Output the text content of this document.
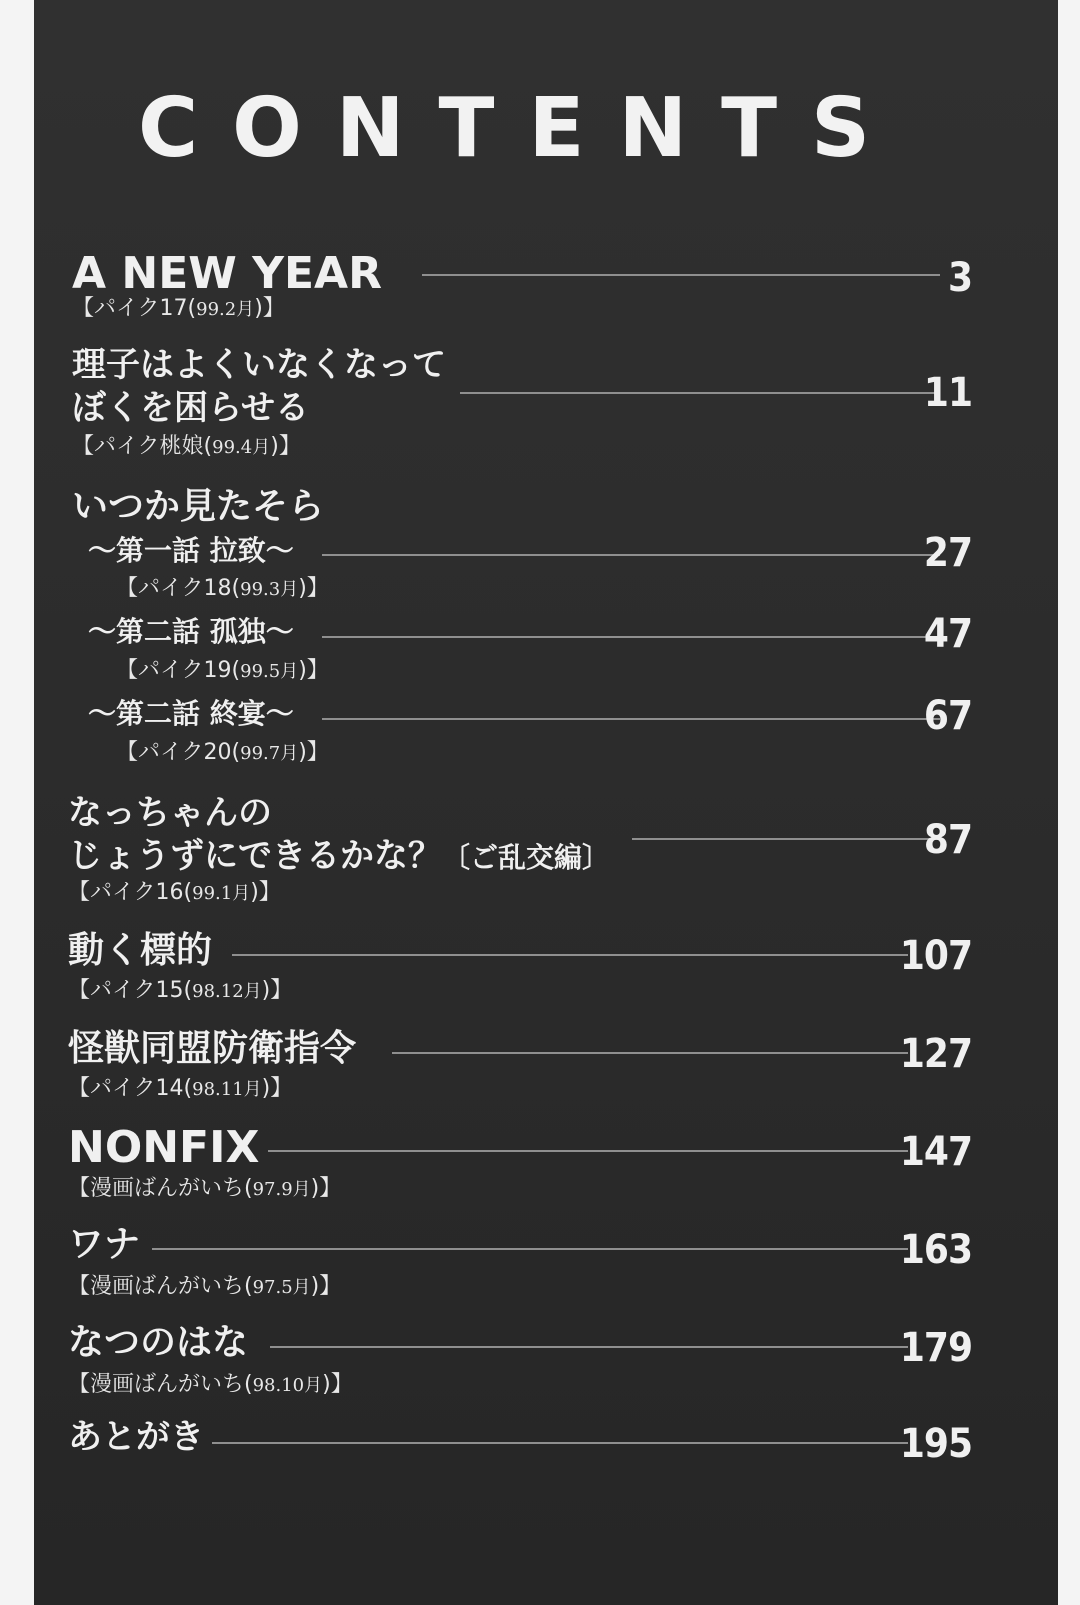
CONTENTS
A NEW YEAR	3
【パイク17(99.2月)】
理子はよくいなくなって
ぼくを困らせる	11
【パイク桃娘(99.4月)】
いつか見たそら
～第一話 拉致～	27
【パイク18(99.3月)】
～第二話 孤独～	47
【パイク19(99.5月)】
～第二話 終宴～	67
【パイク20(99.7月)】
なっちゃんの
じょうずにできるかな？〔ご乱交編〕	87
【パイク16(99.1月)】
動く標的	107
【パイク15(98.12月)】
怪獣同盟防衛指令	127
【パイク14(98.11月)】
NONFIX	147
【漫画ばんがいち(97.9月)】
ワナ	163
【漫画ばんがいち(97.5月)】
なつのはな	179
【漫画ばんがいち(98.10月)】
あとがき	195
